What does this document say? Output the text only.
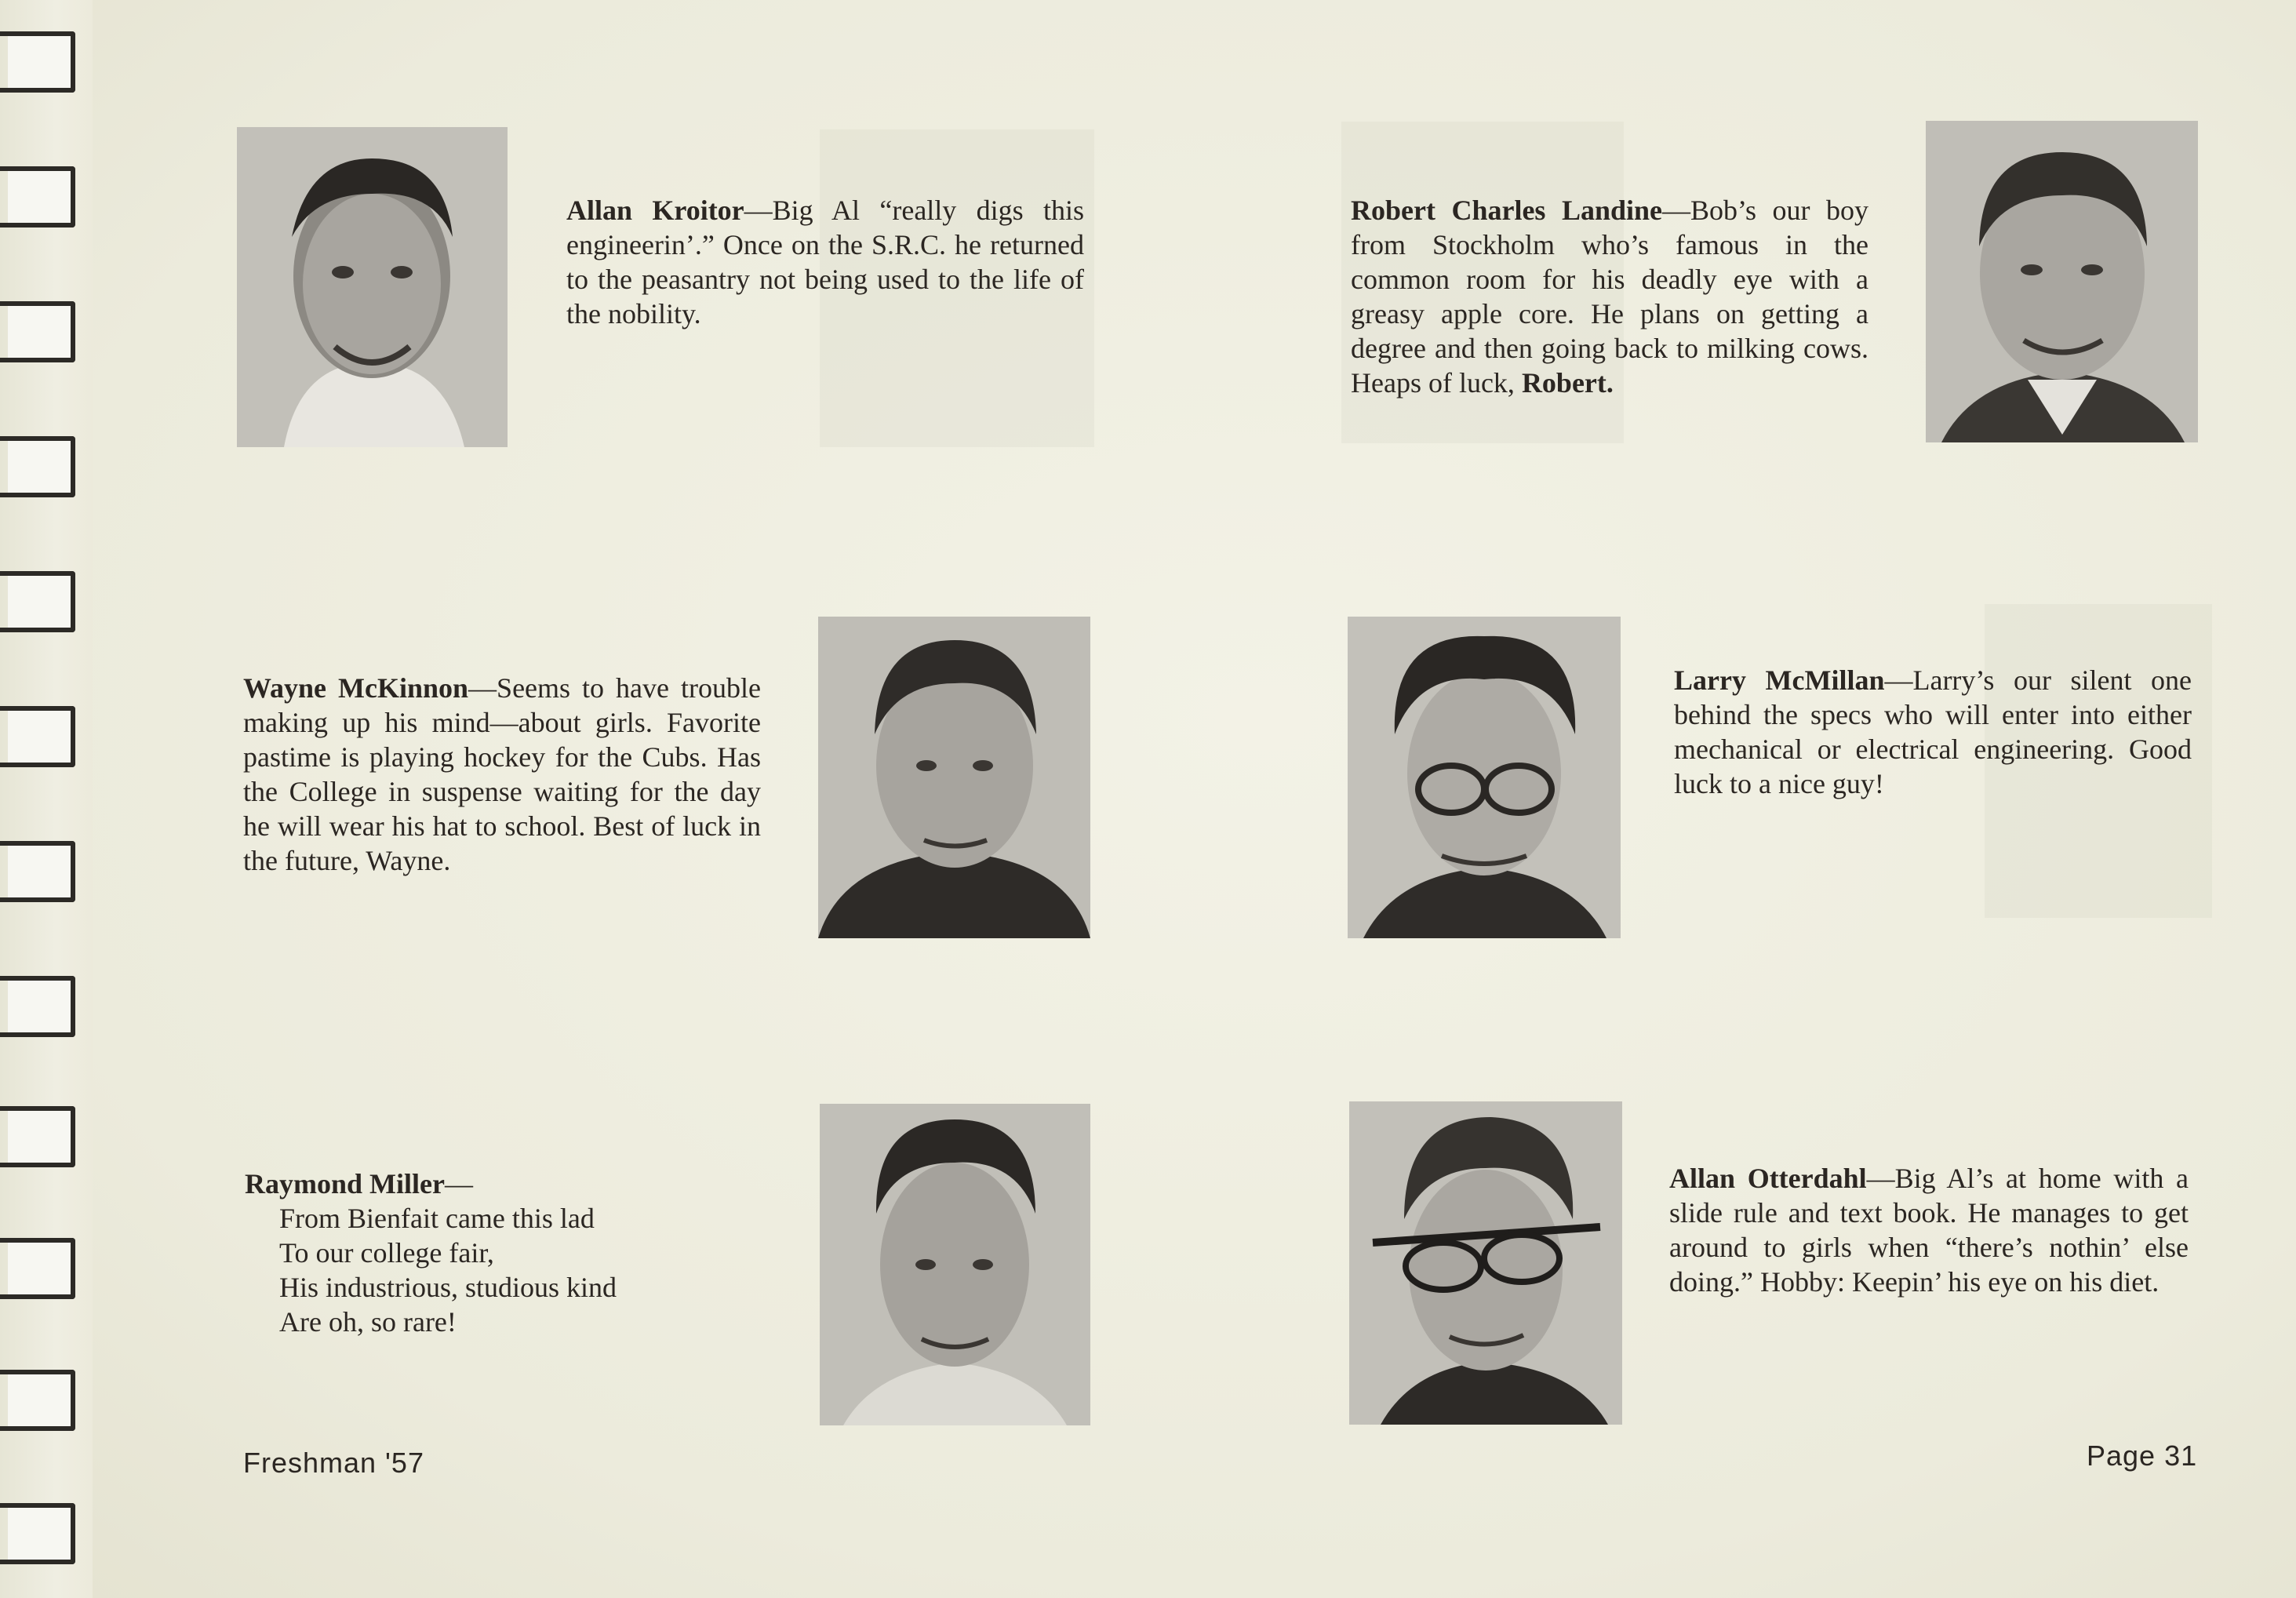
Allan Kroitor—Big Al “really digs this engineerin’.” Once on the S.R.C. he returned to the peasantry not being used to the life of the nobility.
Robert Charles Landine—Bob’s our boy from Stockholm who’s famous in the common room for his deadly eye with a greasy apple core. He plans on getting a degree and then going back to milking cows. Heaps of luck, Robert.
Wayne McKinnon—Seems to have trouble making up his mind—about girls. Favorite pastime is playing hockey for the Cubs. Has the College in suspense waiting for the day he will wear his hat to school. Best of luck in the future, Wayne.
Larry McMillan—Larry’s our silent one behind the specs who will enter into either mechanical or electrical engineering. Good luck to a nice guy!
Raymond Miller—
From Bienfait came this lad
To our college fair,
His industrious, studious kind
Are oh, so rare!
Allan Otterdahl—Big Al’s at home with a slide rule and text book. He manages to get around to girls when “there’s nothin’ else doing.” Hobby: Keepin’ his eye on his diet.
Freshman '57	Page 31
